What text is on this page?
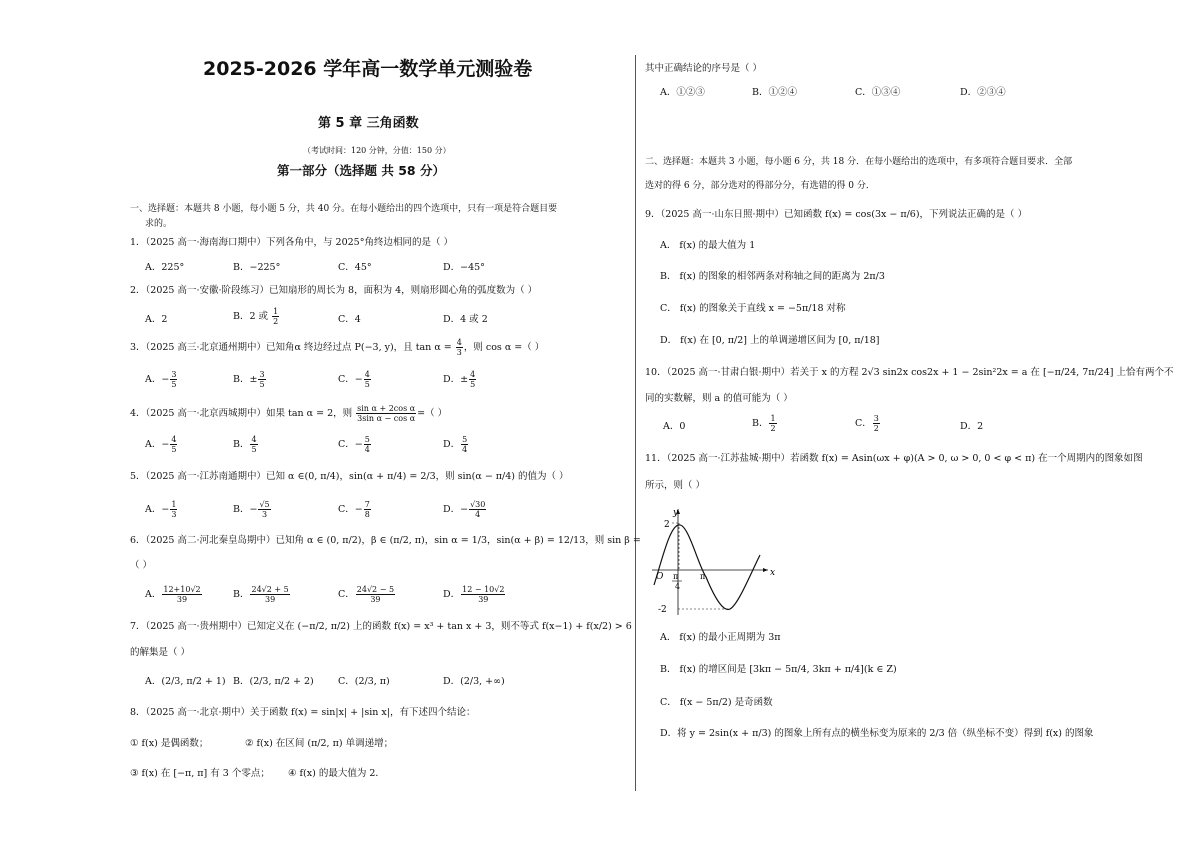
2025-2026 学年高一数学单元测验卷
第 5 章 三角函数
（考试时间：120 分钟，分值：150 分）
第一部分（选择题 共 58 分）
一、选择题：本题共 8 小题，每小题 5 分，共 40 分。在每小题给出的四个选项中，只有一项是符合题目要
求的。
1．（2025 高一·海南海口期中）下列各角中，与 2025°角终边相同的是（ ）
A．225°	B．−225°	C．45°	D．−45°
2．（2025 高一·安徽·阶段练习）已知扇形的周长为 8，面积为 4，则扇形圆心角的弧度数为（ ）
A．2	B．2 或 $\frac{1}{2}$	C．4	D．4 或 2
3．（2025 高三·北京通州期中）已知角α 终边经过点 P(−3, y)，且 $\tan \alpha = \frac{4}{3}$ ，则 cos α =（ ）
A．− $\frac{3}{5}$	B．± $\frac{3}{5}$	C．− $\frac{4}{5}$	D．± $\frac{4}{5}$
4．（2025 高一·北京西城期中）如果 tan α = 2，则 $\frac{\text{sin α + 2cos α}}{\text{3sin α − cos α}}$ =（ ）
A．− $\frac{4}{5}$	B． $\frac{4}{5}$	C．− $\frac{5}{4}$	D． $\frac{5}{4}$
5．（2025 高一·江苏南通期中）已知 α ∈(0, π/4)，sin(α + π/4) = 2/3，则 sin(α − π/4) 的值为（ ）
A．− $\frac{1}{3}$	B．− $\frac{√5}{3}$	C．− $\frac{7}{8}$	D．− $\frac{√30}{4}$
6．（2025 高二·河北秦皇岛期中）已知角 α ∈ (0, π/2)，β ∈ (π/2, π)，sin α = 1/3，sin(α + β) = 12/13，则 sin β =
（ ）
A． $\frac{12+10√2}{39}$	B． $\frac{24√2 + 5}{39}$	C． $\frac{24√2 - 5}{39}$	D． $\frac{12 - 10√2}{39}$
7．（2025 高一·贵州期中）已知定义在 (−π/2, π/2) 上的函数 f(x) = x³ + tan x + 3，则不等式 f(x−1) + f(x/2) > 6
的解集是（ ）
A．(2/3, π/2 + 1) B．(2/3, π/2 + 2)	C．(2/3, π)	D．(2/3, +∞)
8．（2025 高一·北京·期中）关于函数 f(x) = sin|x| + |sin x|，有下述四个结论：
① f(x) 是偶函数；	② f(x) 在区间 (π/2, π) 单调递增；
③ f(x) 在 [−π, π] 有 3 个零点； ④ f(x) 的最大值为 2．
其中正确结论的序号是（ ）
A．①②③	B．①②④	C．①③④	D．②③④
二、选择题：本题共 3 小题，每小题 6 分，共 18 分．在每小题给出的选项中，有多项符合题目要求．全部
选对的得 6 分，部分选对的得部分分，有选错的得 0 分．
9．（2025 高一·山东日照·期中）已知函数 f(x) = cos(3x − π/6)，下列说法正确的是（ ）
A． f(x) 的最大值为 1
B． f(x) 的图象的相邻两条对称轴之间的距离为 2π/3
C． f(x) 的图象关于直线 x = −5π/18 对称
D． f(x) 在 [0, π/2] 上的单调递增区间为 [0, π/18]
10．（2025 高一·甘肃白银·期中）若关于 x 的方程 2√3 sin2x cos2x + 1 − 2sin²2x = a 在 [−π/24, 7π/24] 上恰有两个不
同的实数解，则 a 的值可能为（ ）
A．0	B． $\frac{1}{2}$	C． $\frac{3}{2}$	D．2
11．（2025 高一·江苏盐城·期中）若函数 f(x) = Asin(ωx + φ)(A > 0, ω > 0, 0 < φ < π) 在一个周期内的图象如图
所示，则（ ）
2
-2
y
x
O π
4
π
A． f(x) 的最小正周期为 3π
B． f(x) 的增区间是 [3kπ − 5π/4, 3kπ + π/4](k ∈ Z)
C． f(x − 5π/2) 是奇函数
D．将 y = 2sin(x + π/3) 的图象上所有点的横坐标变为原来的 2/3 倍（纵坐标不变）得到 f(x) 的图象
